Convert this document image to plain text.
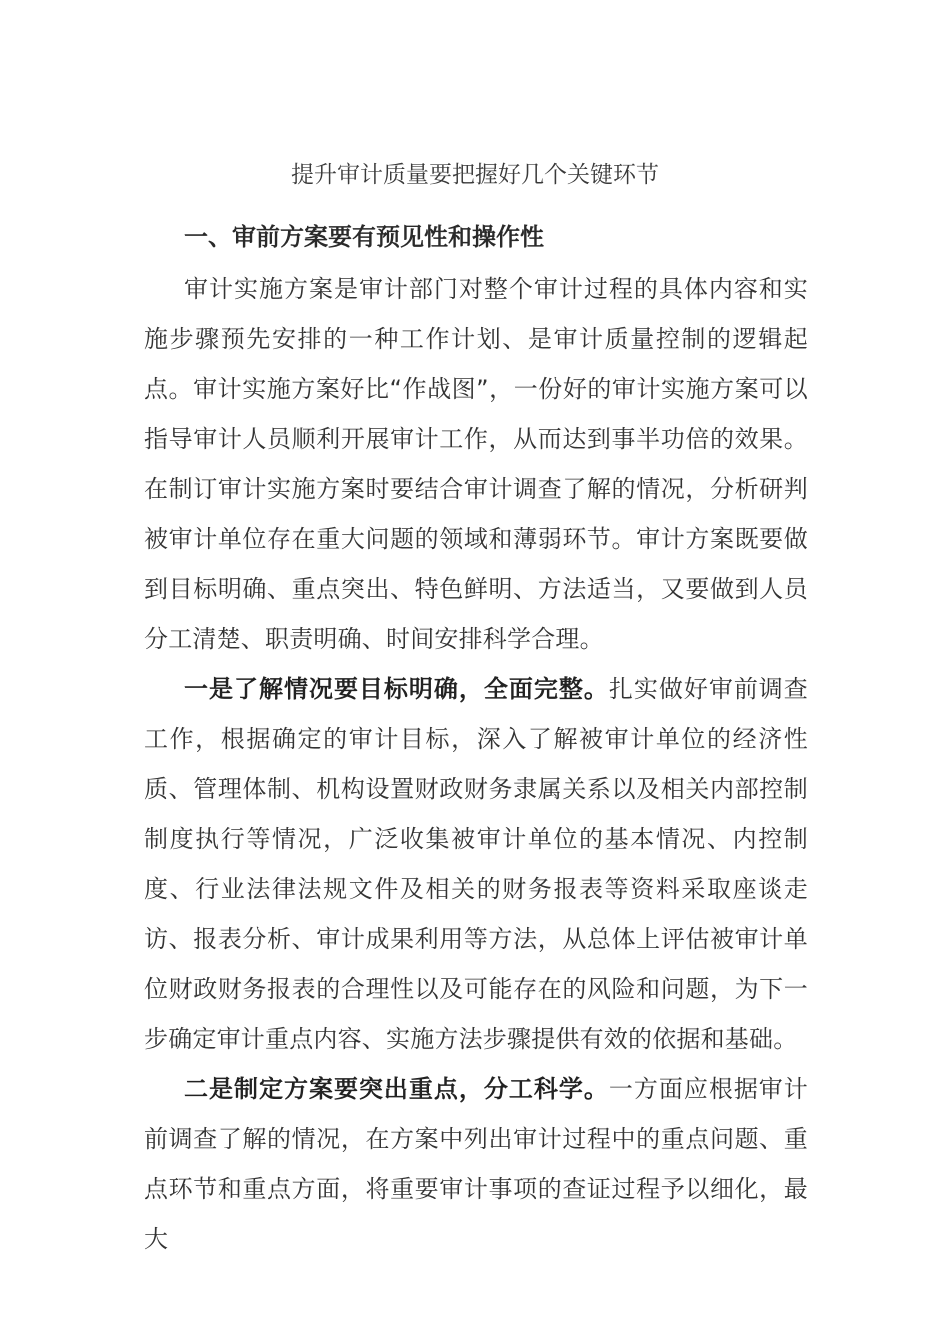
提升审计质量要把握好几个关键环节
一、审前方案要有预见性和操作性

审计实施方案是审计部门对整个审计过程的具体内容和实施步骤预先安排的一种工作计划、是审计质量控制的逻辑起点。审计实施方案好比“作战图”，一份好的审计实施方案可以指导审计人员顺利开展审计工作，从而达到事半功倍的效果。在制订审计实施方案时要结合审计调查了解的情况，分析研判被审计单位存在重大问题的领域和薄弱环节。审计方案既要做到目标明确、重点突出、特色鲜明、方法适当，又要做到人员分工清楚、职责明确、时间安排科学合理。

一是了解情况要目标明确，全面完整。扎实做好审前调查工作，根据确定的审计目标，深入了解被审计单位的经济性质、管理体制、机构设置财政财务隶属关系以及相关内部控制制度执行等情况，广泛收集被审计单位的基本情况、内控制度、行业法律法规文件及相关的财务报表等资料采取座谈走访、报表分析、审计成果利用等方法，从总体上评估被审计单位财政财务报表的合理性以及可能存在的风险和问题，为下一步确定审计重点内容、实施方法步骤提供有效的依据和基础。

二是制定方案要突出重点，分工科学。一方面应根据审计前调查了解的情况，在方案中列出审计过程中的重点问题、重点环节和重点方面，将重要审计事项的查证过程予以细化，最大
